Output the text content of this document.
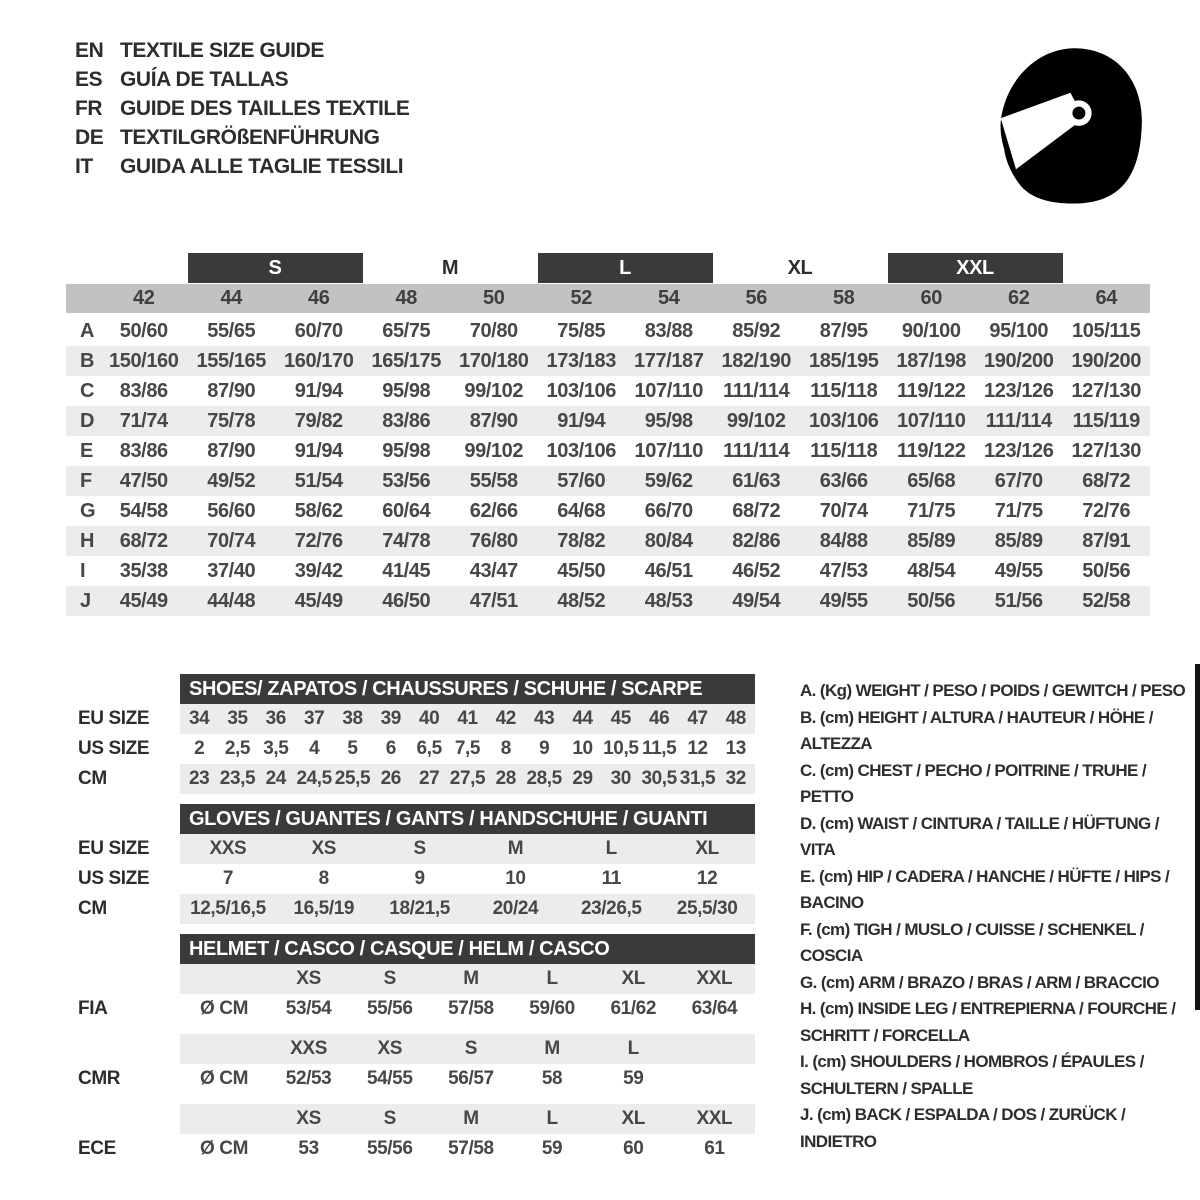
EN TEXTILE SIZE GUIDE
ES GUÍA DE TALLAS
FR GUIDE DES TAILLES TEXTILE
DE TEXTILGRÖßENFÜHRUNG
IT	GUIDA ALLE TAGLIE TESSILI
S	M	L	XL	XXL
42	44	46	48	50	52	54	56	58	60	62	64
A	50/60	55/65	60/70	65/75	70/80	75/85	83/88	85/92	87/95	90/100	95/100	105/115
B 150/160 155/165 160/170 165/175 170/180 173/183 177/187 182/190 185/195 187/198 190/200 190/200
C	83/86	87/90	91/94	95/98	99/102	103/106 107/110	111/114	115/118 119/122 123/126 127/130
D	71/74	75/78	79/82	83/86	87/90	91/94	95/98	99/102	103/106 107/110	111/114	115/119
E	83/86	87/90	91/94	95/98	99/102	103/106 107/110	111/114	115/118 119/122 123/126 127/130
F	47/50	49/52	51/54	53/56	55/58	57/60	59/62	61/63	63/66	65/68	67/70	68/72
G	54/58	56/60	58/62	60/64	62/66	64/68	66/70	68/72	70/74	71/75	71/75	72/76
H	68/72	70/74	72/76	74/78	76/80	78/82	80/84	82/86	84/88	85/89	85/89	87/91
I	35/38	37/40	39/42	41/45	43/47	45/50	46/51	46/52	47/53	48/54	49/55	50/56
J	45/49	44/48	45/49	46/50	47/51	48/52	48/53	49/54	49/55	50/56	51/56	52/58
SHOES/ ZAPATOS / CHAUSSURES / SCHUHE / SCARPE
EU SIZE	34 35 36 37 38 39 40 41 42 43 44 45 46 47 48
US SIZE	2	2,5 3,5	4	5	6	6,5 7,5	8	9	10 10,5 11,5 12 13
CM	23 23,5 24 24,5 25,5 26 27 27,5 28 28,5 29 30 30,5 31,5 32
GLOVES / GUANTES / GANTS / HANDSCHUHE / GUANTI
EU SIZE	XXS	XS	S	M	L	XL
US SIZE	7	8	9	10	11	12
CM	12,5/16,5	16,5/19	18/21,5	20/24	23/26,5	25,5/30
HELMET / CASCO / CASQUE / HELM / CASCO
XS	S	M	L	XL	XXL
FIA	Ø CM	53/54	55/56	57/58	59/60	61/62	63/64
XXS	XS	S	M	L
CMR	Ø CM	52/53	54/55	56/57	58	59
XS	S	M	L	XL	XXL
ECE	Ø CM	53	55/56	57/58	59	60	61
A. (Kg) WEIGHT / PESO / POIDS / GEWITCH / PESO
B. (cm) HEIGHT / ALTURA / HAUTEUR / HÖHE / ALTEZZA
C. (cm) CHEST / PECHO / POITRINE / TRUHE / PETTO
D. (cm) WAIST / CINTURA / TAILLE / HÜFTUNG / VITA
E. (cm) HIP / CADERA / HANCHE / HÜFTE / HIPS / BACINO
F. (cm) TIGH / MUSLO / CUISSE / SCHENKEL / COSCIA
G. (cm) ARM / BRAZO / BRAS / ARM / BRACCIO
H. (cm) INSIDE LEG / ENTREPIERNA / FOURCHE / SCHRITT / FORCELLA
I. (cm) SHOULDERS / HOMBROS / ÉPAULES / SCHULTERN / SPALLE
J. (cm) BACK / ESPALDA / DOS / ZURÜCK / INDIETRO
